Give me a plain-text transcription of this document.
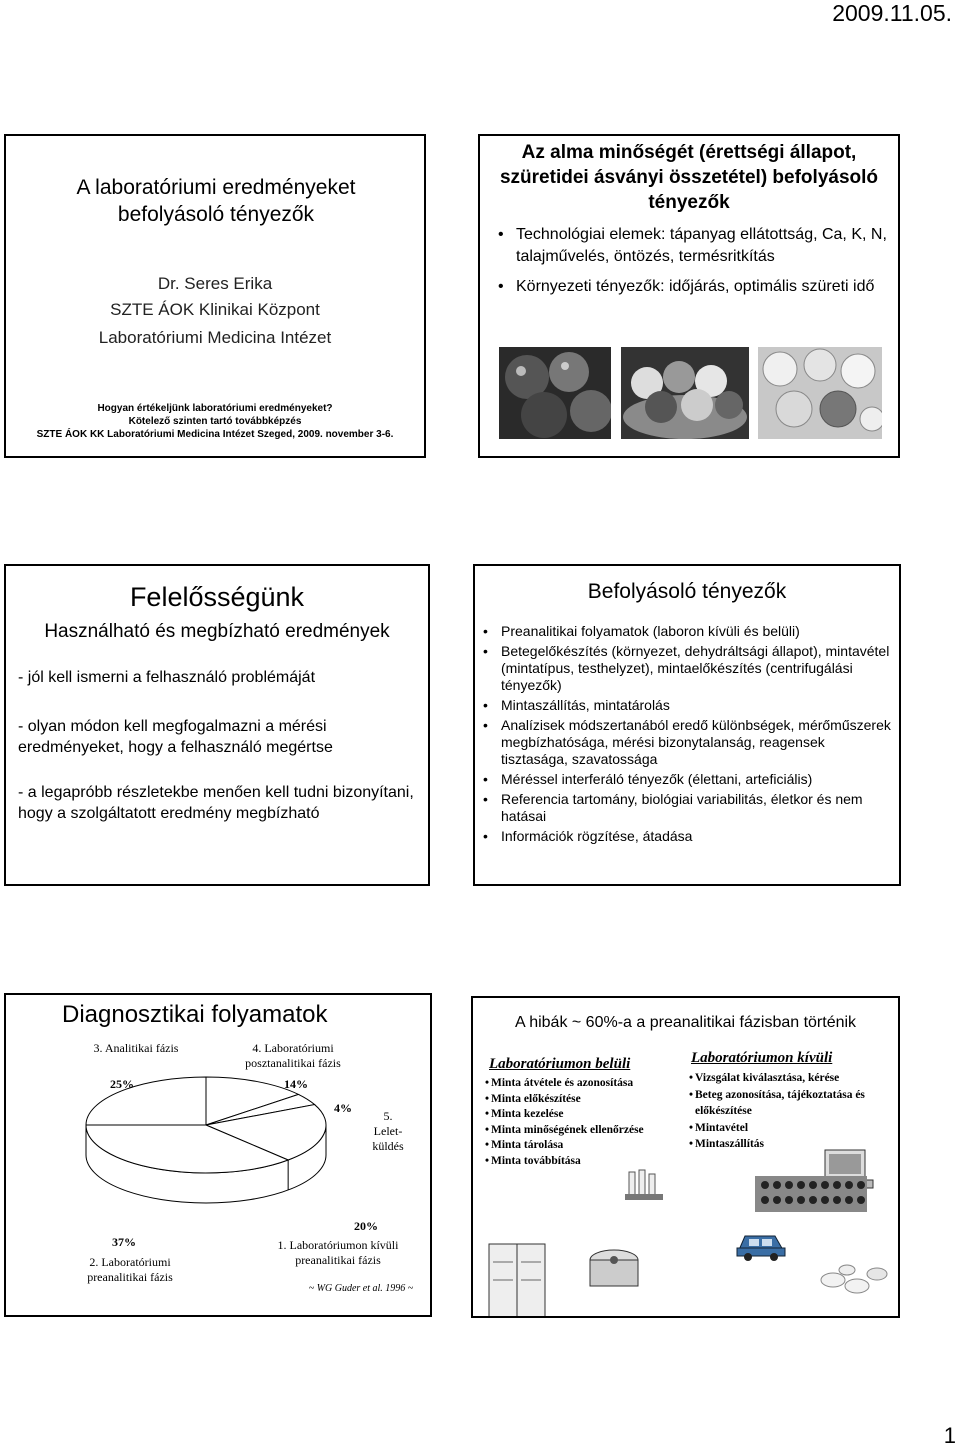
2009.11.05.
A laboratóriumi eredményeket befolyásoló tényezők
Dr. Seres Erika
SZTE ÁOK Klinikai Központ
Laboratóriumi Medicina Intézet
Hogyan értékeljünk laboratóriumi eredményeket?
Kötelező szinten tartó továbbképzés
SZTE ÁOK KK Laboratóriumi Medicina Intézet Szeged, 2009. november 3-6.
Az alma minőségét (érettségi állapot, szüretidei ásványi összetétel) befolyásoló tényezők
• Technológiai elemek: tápanyag ellátottság, Ca, K, N, talajművelés, öntözés, termésritkítás
• Környezeti tényezők: időjárás, optimális szüreti idő
Felelősségünk
Használható és megbízható eredmények
- jól kell ismerni a felhasználó problémáját
- olyan módon kell megfogalmazni a mérési eredményeket, hogy a felhasználó megértse
- a legapróbb részletekbe menően kell tudni bizonyítani, hogy a szolgáltatott eredmény megbízható
Befolyásoló tényezők
• Preanalitikai folyamatok (laboron kívüli és belüli)
• Betegelőkészítés (környezet, dehydráltsági állapot), mintavétel (mintatípus, testhelyzet), mintaelőkészítés (centrifugálási tényezők)
• Mintaszállítás, mintatárolás
• Analízisek módszertanából eredő különbségek, mérőműszerek megbízhatósága, mérési bizonytalanság, reagensek tisztasága, szavatossága
• Méréssel interferáló tényezők (élettani, arteficiális)
• Referencia tartomány, biológiai variabilitás, életkor és nem hatásai
• Információk rögzítése, átadása
Diagnosztikai folyamatok
3. Analitikai fázis	4. Laboratóriumi posztanalitikai fázis
5. Lelet-küldés
2. Laboratóriumi preanalitikai fázis
1. Laboratóriumon kívüli preanalitikai fázis
25%	14%
4%
20%
37%
~ WG Guder et al. 1996 ~
A hibák ~ 60%-a a preanalitikai fázisban történik
Laboratóriumon belüli
• Minta átvétele és azonosítása
• Minta előkészítése
• Minta kezelése
• Minta minőségének ellenőrzése
• Minta tárolása
• Minta továbbítása
Laboratóriumon kívüli
• Vizsgálat kiválasztása, kérése
• Beteg azonosítása, tájékoztatása és előkészítése
• Mintavétel
• Mintaszállítás
1
